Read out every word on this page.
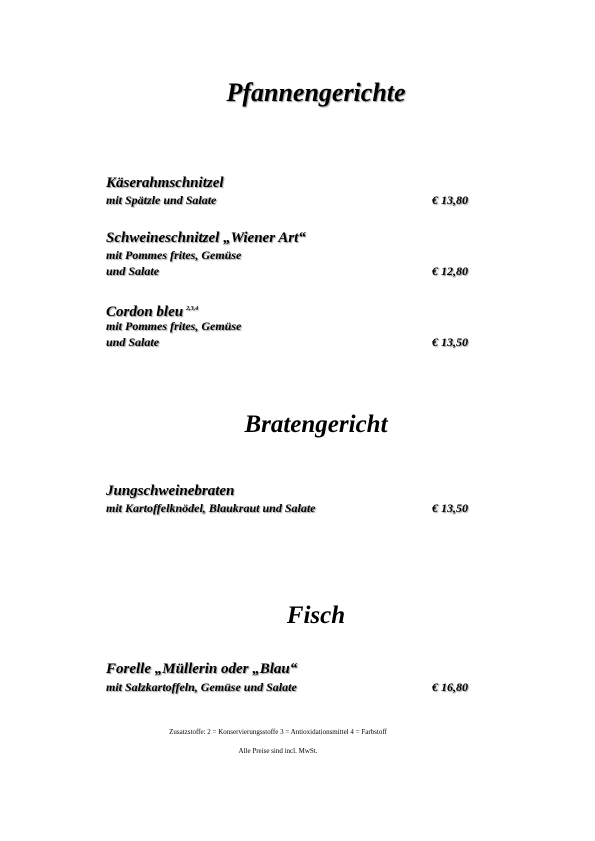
Pfannengerichte
Käserahmschnitzel
mit Spätzle und Salate	€ 13,80
Schweineschnitzel „Wiener Art“
mit Pommes frites, Gemüse
und Salate	€ 12,80
Cordon bleu $^{2,3,4}$
mit Pommes frites, Gemüse
und Salate	€ 13,50
Bratengericht
Jungschweinebraten
mit Kartoffelknödel, Blaukraut und Salate	€ 13,50
Fisch
Forelle „Müllerin oder „Blau“
mit Salzkartoffeln, Gemüse und Salate	€ 16,80
Zusatzstoffe: 2 = Konservierungsstoffe 3 = Antioxidationsmittel 4 = Farbstoff
Alle Preise sind incl. MwSt.
